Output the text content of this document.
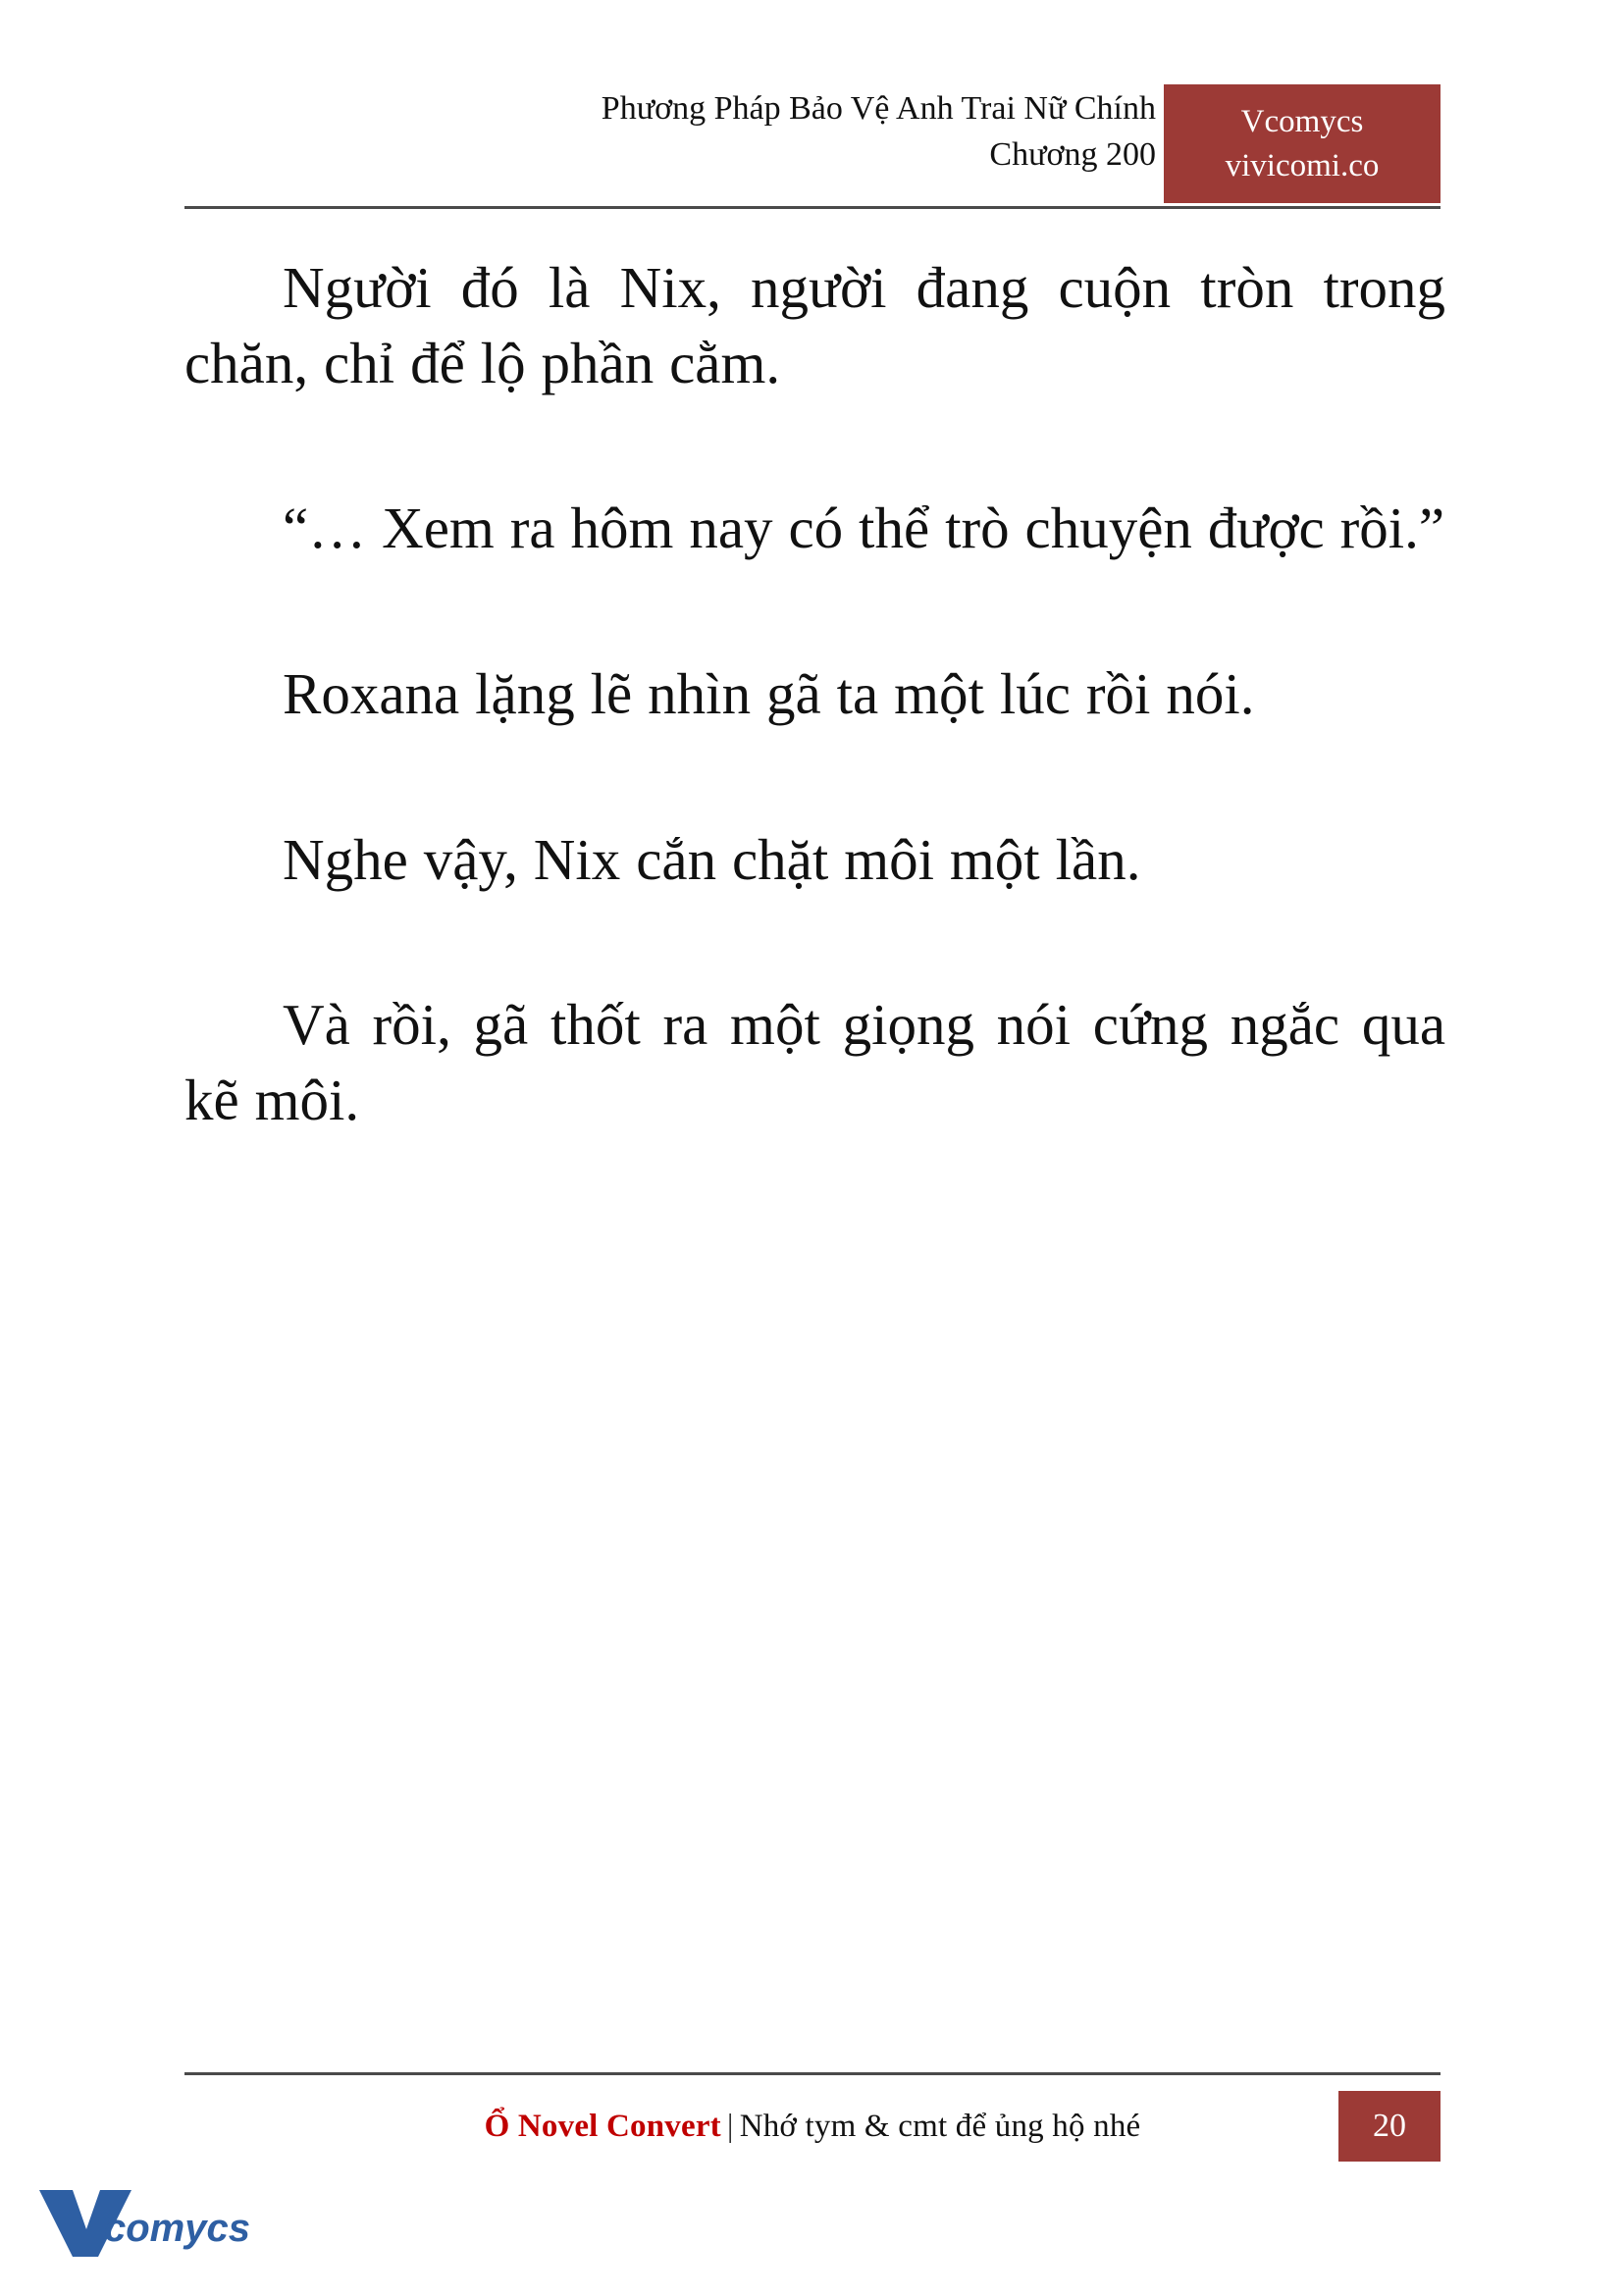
Phương Pháp Bảo Vệ Anh Trai Nữ Chính
Chương 200
Vcomycs
vivicomi.co

Người đó là Nix, người đang cuộn tròn trong chăn, chỉ để lộ phần cằm.

“… Xem ra hôm nay có thể trò chuyện được rồi.”

Roxana lặng lẽ nhìn gã ta một lúc rồi nói.

Nghe vậy, Nix cắn chặt môi một lần.

Và rồi, gã thốt ra một giọng nói cứng ngắc qua kẽ môi.

Ổ Novel Convert | Nhớ tym & cmt để ủng hộ nhé	20
comycs
